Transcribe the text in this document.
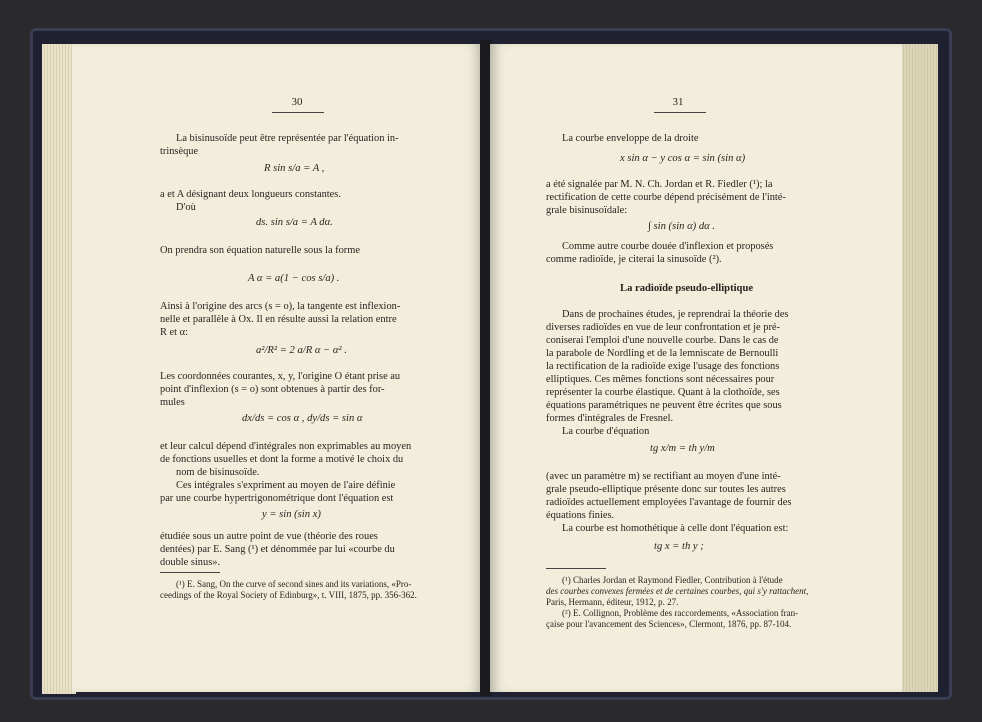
30
La bisinusoïde peut être représentée par l'équation in-
trinsèque
R sin s/a = A ,
a et A désignant deux longueurs constantes.
D'où
ds. sin s/a = A dα.
On prendra son équation naturelle sous la forme
A α = a(1 − cos s/a) .
Ainsi à l'origine des arcs (s = o), la tangente est inflexion-
nelle et parallèle à Ox. Il en résulte aussi la relation entre
R et α:
a²/R² = 2 a/R α − α² .
Les coordonnées courantes, x, y, l'origine O étant prise au
point d'inflexion (s = o) sont obtenues à partir des for-
mules
dx/ds = cos α , dy/ds = sin α
et leur calcul dépend d'intégrales non exprimables au moyen
de fonctions usuelles et dont la forme a motivé le choix du
nom de bisinusoïde.
Ces intégrales s'expriment au moyen de l'aire définie
par une courbe hypertrigonométrique dont l'équation est
y = sin (sin x)
étudiée sous un autre point de vue (théorie des roues
dentées) par E. Sang (¹) et dénommée par lui «courbe du
double sinus».
(¹) E. Sang, On the curve of second sines and its variations, «Pro-
ceedings of the Royal Society of Edinburg», t. VIII, 1875, pp. 356-362.
31
La courbe enveloppe de la droite
x sin α − y cos α = sin (sin α)
a été signalée par M. N. Ch. Jordan et R. Fiedler (¹); la
rectification de cette courbe dépend précisément de l'inté-
grale bisinusoïdale:
∫ sin (sin α) dα .
Comme autre courbe douée d'inflexion et proposés
comme radioïde, je citerai la sinusoïde (²).
La radioïde pseudo-elliptique
Dans de prochaines études, je reprendrai la théorie des
diverses radioïdes en vue de leur confrontation et je pré-
coniserai l'emploi d'une nouvelle courbe. Dans le cas de
la parabole de Nordling et de la lemniscate de Bernoulli
la rectification de la radioïde exige l'usage des fonctions
elliptiques. Ces mêmes fonctions sont nécessaires pour
représenter la courbe élastique. Quant à la clothoïde, ses
équations paramétriques ne peuvent être écrites que sous
formes d'intégrales de Fresnel.
La courbe d'équation
tg x/m = th y/m
(avec un paramètre m) se rectifiant au moyen d'une inté-
grale pseudo-elliptique présente donc sur toutes les autres
radioïdes actuellement employées l'avantage de fournir des
équations finies.
La courbe est homothétique à celle dont l'équation est:
tg x = th y ;
(¹) Charles Jordan et Raymond Fiedler, Contribution à l'étude
des courbes convexes fermées et de certaines courbes, qui s'y rattachent,
Paris, Hermann, éditeur, 1912, p. 27.
(²) E. Collignon, Problème des raccordements, «Association fran-
çaise pour l'avancement des Sciences», Clermont, 1876, pp. 87-104.
